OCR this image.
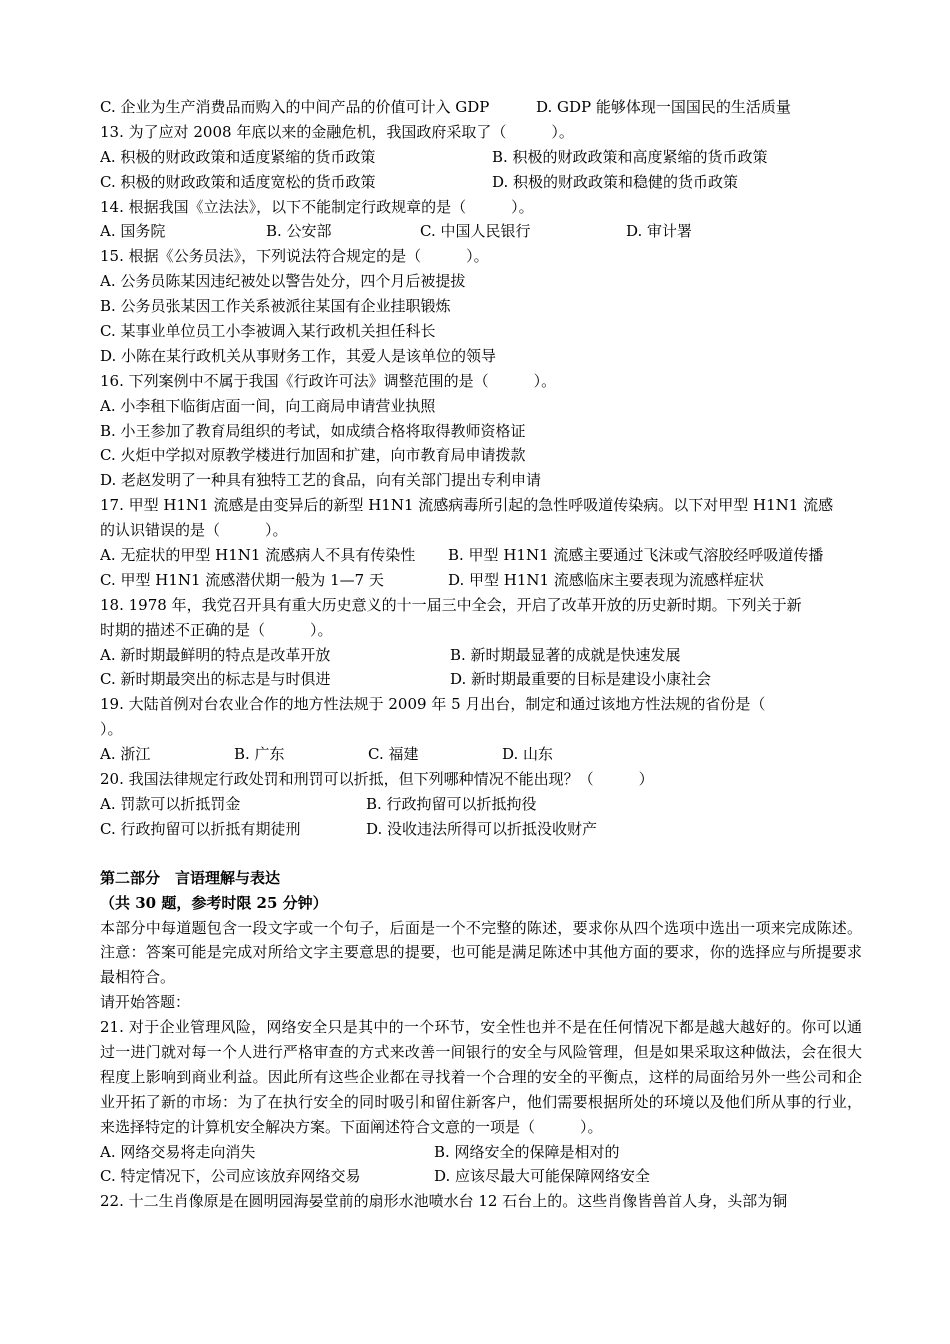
C. 企业为生产消费品而购入的中间产品的价值可计入 GDP	D. GDP 能够体现一国国民的生活质量
13. 为了应对 2008 年底以来的金融危机，我国政府采取了（　　　）。
A. 积极的财政政策和适度紧缩的货币政策	B. 积极的财政政策和高度紧缩的货币政策
C. 积极的财政政策和适度宽松的货币政策	D. 积极的财政政策和稳健的货币政策
14. 根据我国《立法法》，以下不能制定行政规章的是（　　　）。
A. 国务院	B. 公安部	C. 中国人民银行	D. 审计署
15. 根据《公务员法》，下列说法符合规定的是（　　　）。
A. 公务员陈某因违纪被处以警告处分，四个月后被提拔
B. 公务员张某因工作关系被派往某国有企业挂职锻炼
C. 某事业单位员工小李被调入某行政机关担任科长
D. 小陈在某行政机关从事财务工作，其爱人是该单位的领导
16. 下列案例中不属于我国《行政许可法》调整范围的是（　　　）。
A. 小李租下临街店面一间，向工商局申请营业执照
B. 小王参加了教育局组织的考试，如成绩合格将取得教师资格证
C. 火炬中学拟对原教学楼进行加固和扩建，向市教育局申请拨款
D. 老赵发明了一种具有独特工艺的食品，向有关部门提出专利申请
17. 甲型 H1N1 流感是由变异后的新型 H1N1 流感病毒所引起的急性呼吸道传染病。以下对甲型 H1N1 流感
的认识错误的是（　　　）。
A. 无症状的甲型 H1N1 流感病人不具有传染性	B. 甲型 H1N1 流感主要通过飞沫或气溶胶经呼吸道传播
C. 甲型 H1N1 流感潜伏期一般为 1—7 天	D. 甲型 H1N1 流感临床主要表现为流感样症状
18. 1978 年，我党召开具有重大历史意义的十一届三中全会，开启了改革开放的历史新时期。下列关于新
时期的描述不正确的是（　　　）。
A. 新时期最鲜明的特点是改革开放	B. 新时期最显著的成就是快速发展
C. 新时期最突出的标志是与时俱进	D. 新时期最重要的目标是建设小康社会
19. 大陆首例对台农业合作的地方性法规于 2009 年 5 月出台，制定和通过该地方性法规的省份是（
）。
A. 浙江	B. 广东	C. 福建	D. 山东
20. 我国法律规定行政处罚和刑罚可以折抵，但下列哪种情况不能出现？（　　　）
A. 罚款可以折抵罚金	B. 行政拘留可以折抵拘役
C. 行政拘留可以折抵有期徒刑	D. 没收违法所得可以折抵没收财产
第二部分　言语理解与表达
（共 30 题，参考时限 25 分钟）
本部分中每道题包含一段文字或一个句子，后面是一个不完整的陈述，要求你从四个选项中选出一项来完成陈述。注意：答案可能是完成对所给文字主要意思的提要，也可能是满足陈述中其他方面的要求，你的选择应与所提要求最相符合。
请开始答题：
21. 对于企业管理风险，网络安全只是其中的一个环节，安全性也并不是在任何情况下都是越大越好的。你可以通过一进门就对每一个人进行严格审查的方式来改善一间银行的安全与风险管理，但是如果采取这种做法，会在很大程度上影响到商业利益。因此所有这些企业都在寻找着一个合理的安全的平衡点，这样的局面给另外一些公司和企业开拓了新的市场：为了在执行安全的同时吸引和留住新客户，他们需要根据所处的环境以及他们所从事的行业，来选择特定的计算机安全解决方案。下面阐述符合文意的一项是（　　　）。
A. 网络交易将走向消失	B. 网络安全的保障是相对的
C. 特定情况下，公司应该放弃网络交易	D. 应该尽最大可能保障网络安全
22. 十二生肖像原是在圆明园海晏堂前的扇形水池喷水台 12 石台上的。这些肖像皆兽首人身，头部为铜
